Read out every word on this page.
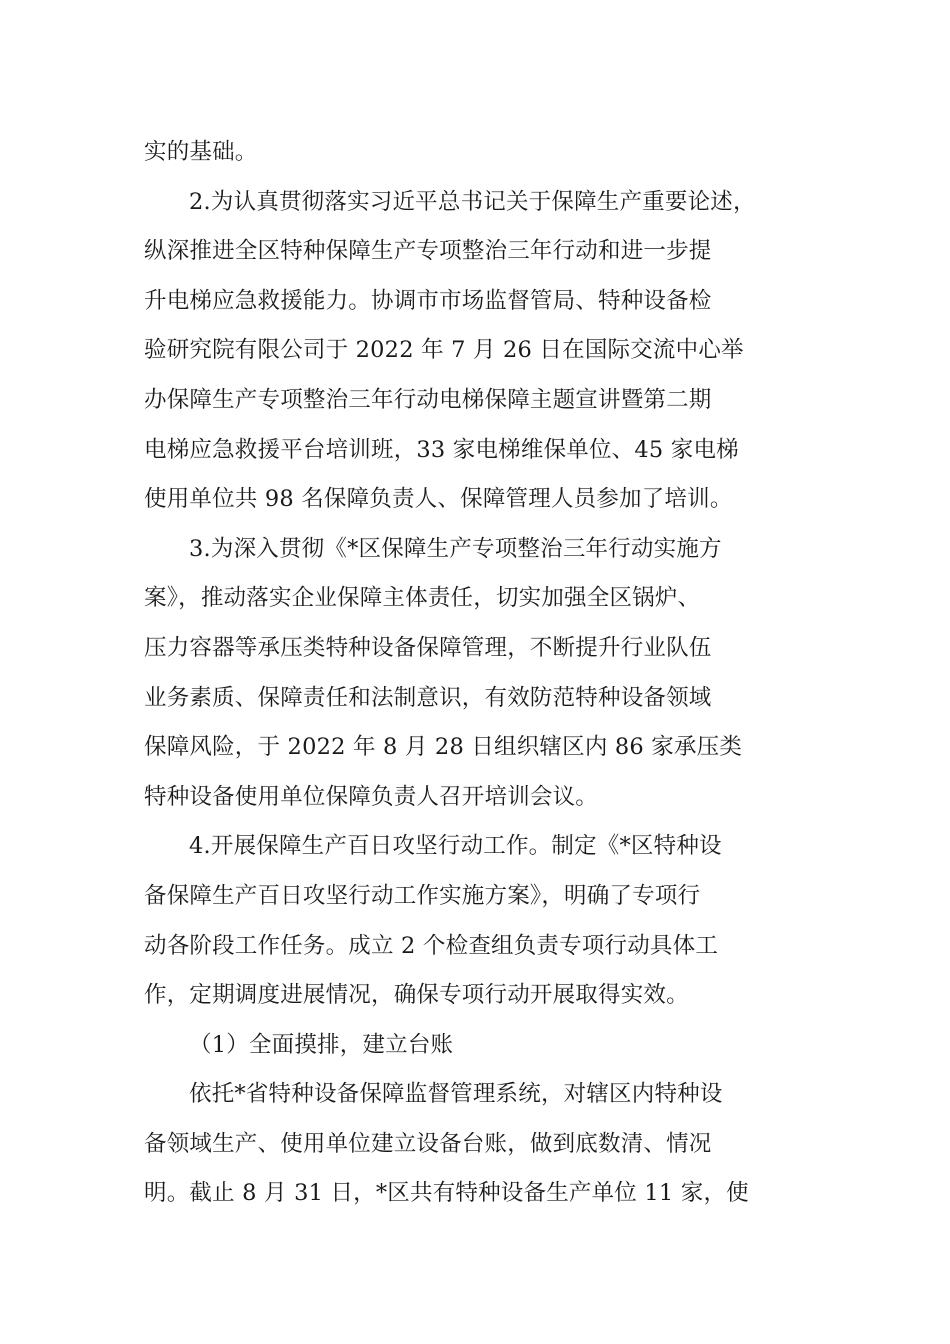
实的基础。
2.为认真贯彻落实习近平总书记关于保障生产重要论述，
纵深推进全区特种保障生产专项整治三年行动和进一步提
升电梯应急救援能力。协调市市场监督管局、特种设备检
验研究院有限公司于 2022 年 7 月 26 日在国际交流中心举
办保障生产专项整治三年行动电梯保障主题宣讲暨第二期
电梯应急救援平台培训班，33 家电梯维保单位、45 家电梯
使用单位共 98 名保障负责人、保障管理人员参加了培训。
3.为深入贯彻《*区保障生产专项整治三年行动实施方
案》，推动落实企业保障主体责任，切实加强全区锅炉、
压力容器等承压类特种设备保障管理，不断提升行业队伍
业务素质、保障责任和法制意识，有效防范特种设备领域
保障风险，于 2022 年 8 月 28 日组织辖区内 86 家承压类
特种设备使用单位保障负责人召开培训会议。
4.开展保障生产百日攻坚行动工作。制定《*区特种设
备保障生产百日攻坚行动工作实施方案》，明确了专项行
动各阶段工作任务。成立 2 个检查组负责专项行动具体工
作，定期调度进展情况，确保专项行动开展取得实效。
（1）全面摸排，建立台账
依托*省特种设备保障监督管理系统，对辖区内特种设
备领域生产、使用单位建立设备台账，做到底数清、情况
明。截止 8 月 31 日，*区共有特种设备生产单位 11 家，使
